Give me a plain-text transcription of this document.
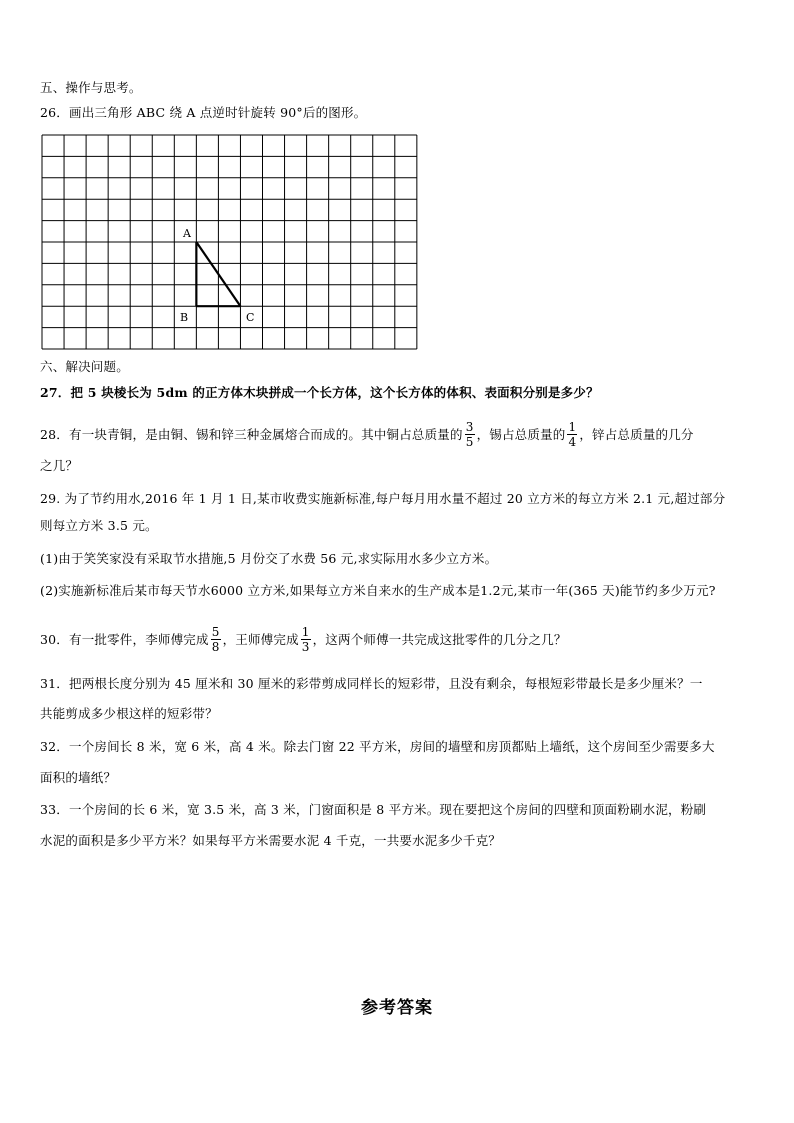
五、操作与思考。
26．画出三角形 ABC 绕 A 点逆时针旋转 90°后的图形。
A
B	C
六、解决问题。
27．把 5 块棱长为 5dm 的正方体木块拼成一个长方体，这个长方体的体积、表面积分别是多少？
28．有一块青铜，是由铜、锡和锌三种金属熔合而成的。其中铜占总质量的 $\frac{3}{5}$ ，锡占总质量的 $\frac{1}{4}$ ，锌占总质量的几分
之几？
29. 为了节约用水,2016 年 1 月 1 日,某市收费实施新标准,每户每月用水量不超过 20 立方米的每立方米 2.1 元,超过部分
则每立方米 3.5 元。
(1)由于笑笑家没有采取节水措施,5 月份交了水费 56 元,求实际用水多少立方米。
(2)实施新标准后某市每天节水6000 立方米,如果每立方米自来水的生产成本是1.2元,某市一年(365 天)能节约多少万元?
30．有一批零件，李师傅完成 $\frac{5}{8}$ ，王师傅完成 $\frac{1}{3}$ ，这两个师傅一共完成这批零件的几分之几？
31．把两根长度分别为 45 厘米和 30 厘米的彩带剪成同样长的短彩带，且没有剩余，每根短彩带最长是多少厘米？一
共能剪成多少根这样的短彩带？
32．一个房间长 8 米，宽 6 米，高 4 米。除去门窗 22 平方米，房间的墙壁和房顶都贴上墙纸，这个房间至少需要多大
面积的墙纸？
33．一个房间的长 6 米，宽 3.5 米，高 3 米，门窗面积是 8 平方米。现在要把这个房间的四壁和顶面粉刷水泥，粉刷
水泥的面积是多少平方米？如果每平方米需要水泥 4 千克，一共要水泥多少千克？
参考答案
